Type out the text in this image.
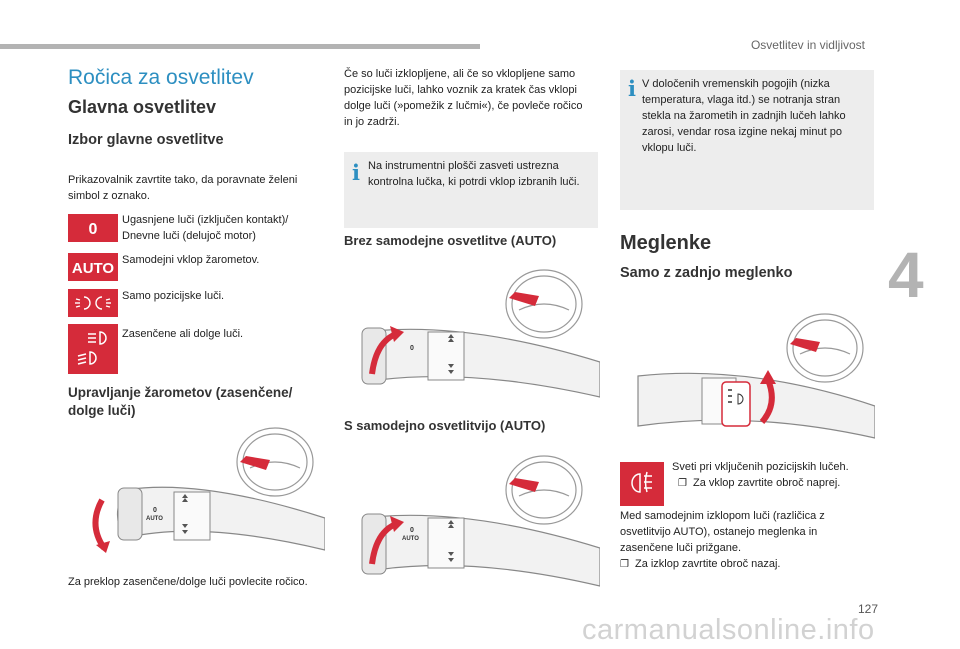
Osvetlitev in vidljivost
4
Ročica za osvetlitev
Glavna osvetlitev
Izbor glavne osvetlitve
Prikazovalnik zavrtite tako, da poravnate želeni simbol z oznako.
0
Ugasnjene luči (izključen kontakt)/ Dnevne luči (delujoč motor)
AUTO Samodejni vklop žarometov.
Samo pozicijske luči.
Zasenčene ali dolge luči.
Upravljanje žarometov (zasenčene/ dolge luči)
0
AUTO
Za preklop zasenčene/dolge luči povlecite ročico.
Če so luči izklopljene, ali če so vklopljene samo pozicijske luči, lahko voznik za kratek čas vklopi dolge luči (»pomežik z lučmi«), če povleče ročico in jo zadrži.
i Na instrumentni plošči zasveti ustrezna kontrolna lučka, ki potrdi vklop izbranih luči.
Brez samodejne osvetlitve (AUTO)
0
S samodejno osvetlitvijo (AUTO)
0
AUTO
i V določenih vremenskih pogojih (nizka temperatura, vlaga itd.) se notranja stran stekla na žarometih in zadnjih lučeh lahko zarosi, vendar rosa izgine nekaj minut po vklopu luči.
Meglenke
Samo z zadnjo meglenko
Sveti pri vključenih pozicijskih lučeh.
❐ Za vklop zavrtite obroč naprej.
Med samodejnim izklopom luči (različica z osvetlitvijo AUTO), ostanejo meglenka in zasenčene luči prižgane.
❐ Za izklop zavrtite obroč nazaj.
127
carmanualsonline.info
